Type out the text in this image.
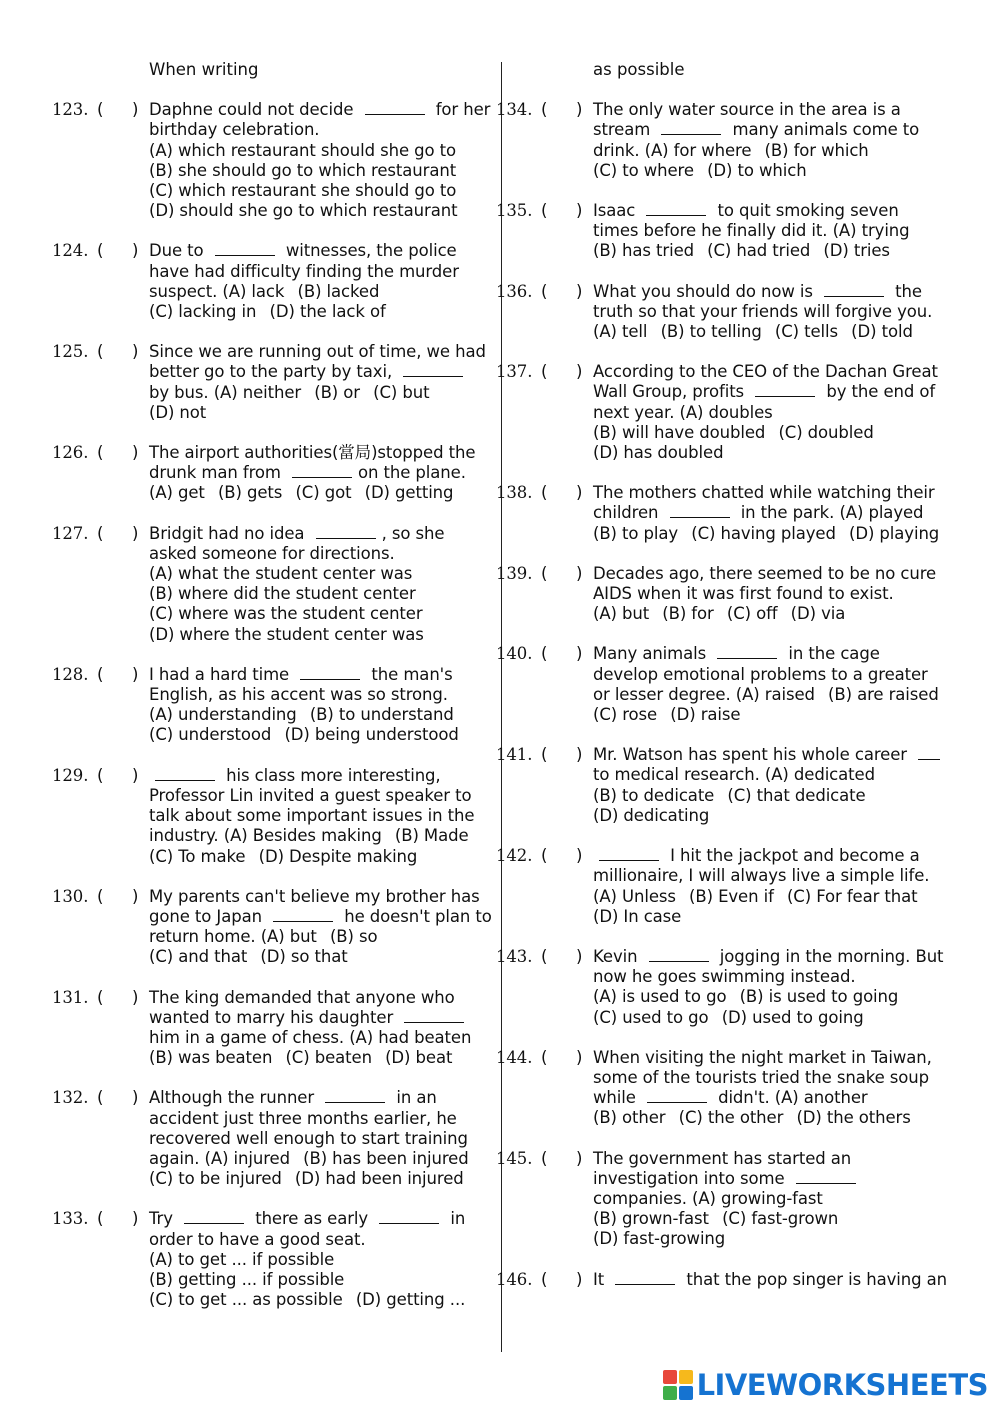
When writing
123. ( ) Daphne could not decide	for her birthday celebration. (A) which restaurant should she go to (B) she should go to which restaurant (C) which restaurant she should go to (D) should she go to which restaurant
124. ( ) Due to	witnesses, the police have had difficulty finding the murder suspect. (A) lack (B) lacked (C) lacking in (D) the lack of
125. ( ) Since we are running out of time, we had better go to the party by taxi,  by bus. (A) neither (B) or (C) but (D) not
126. ( ) The airport authorities(當局)stopped the drunk man from	on the plane. (A) get (B) gets (C) got (D) getting
127. ( ) Bridgit had no idea	, so she asked someone for directions. (A) what the student center was (B) where did the student center (C) where was the student center (D) where the student center was
128. ( ) I had a hard time	the man's English, as his accent was so strong. (A) understanding (B) to understand (C) understood (D) being understood
129. ( )	his class more interesting, Professor Lin invited a guest speaker to talk about some important issues in the industry. (A) Besides making (B) Made (C) To make (D) Despite making
130. ( ) My parents can't believe my brother has gone to Japan	he doesn't plan to return home. (A) but (B) so (C) and that (D) so that
131. ( ) The king demanded that anyone who wanted to marry his daughter  him in a game of chess. (A) had beaten (B) was beaten (C) beaten (D) beat
132. ( ) Although the runner	in an accident just three months earlier, he recovered well enough to start training again. (A) injured (B) has been injured (C) to be injured (D) had been injured
133. ( ) Try	there as early	in order to have a good seat. (A) to get ... if possible (B) getting ... if possible (C) to get ... as possible (D) getting ...
as possible
134. ( ) The only water source in the area is a stream	many animals come to drink. (A) for where (B) for which (C) to where (D) to which
135. ( ) Isaac	to quit smoking seven times before he finally did it. (A) trying (B) has tried (C) had tried (D) tries
136. ( ) What you should do now is	the truth so that your friends will forgive you. (A) tell (B) to telling (C) tells (D) told
137. ( ) According to the CEO of the Dachan Great Wall Group, profits	by the end of next year. (A) doubles (B) will have doubled (C) doubled (D) has doubled
138. ( ) The mothers chatted while watching their children	in the park. (A) played (B) to play (C) having played (D) playing
139. ( ) Decades ago, there seemed to be no cure AIDS when it was first found to exist. (A) but (B) for (C) off (D) via
140. ( ) Many animals	in the cage develop emotional problems to a greater or lesser degree. (A) raised (B) are raised (C) rose (D) raise
141. ( ) Mr. Watson has spent his whole career  to medical research. (A) dedicated (B) to dedicate (C) that dedicate (D) dedicating
142. ( )	I hit the jackpot and become a millionaire, I will always live a simple life. (A) Unless (B) Even if (C) For fear that (D) In case
143. ( ) Kevin	jogging in the morning. But now he goes swimming instead. (A) is used to go (B) is used to going (C) used to go (D) used to going
144. ( ) When visiting the night market in Taiwan, some of the tourists tried the snake soup while	didn't. (A) another (B) other (C) the other (D) the others
145. ( ) The government has started an investigation into some  companies. (A) growing-fast (B) grown-fast (C) fast-grown (D) fast-growing
146. ( ) It	that the pop singer is having an
LIVEWORKSHEETS
